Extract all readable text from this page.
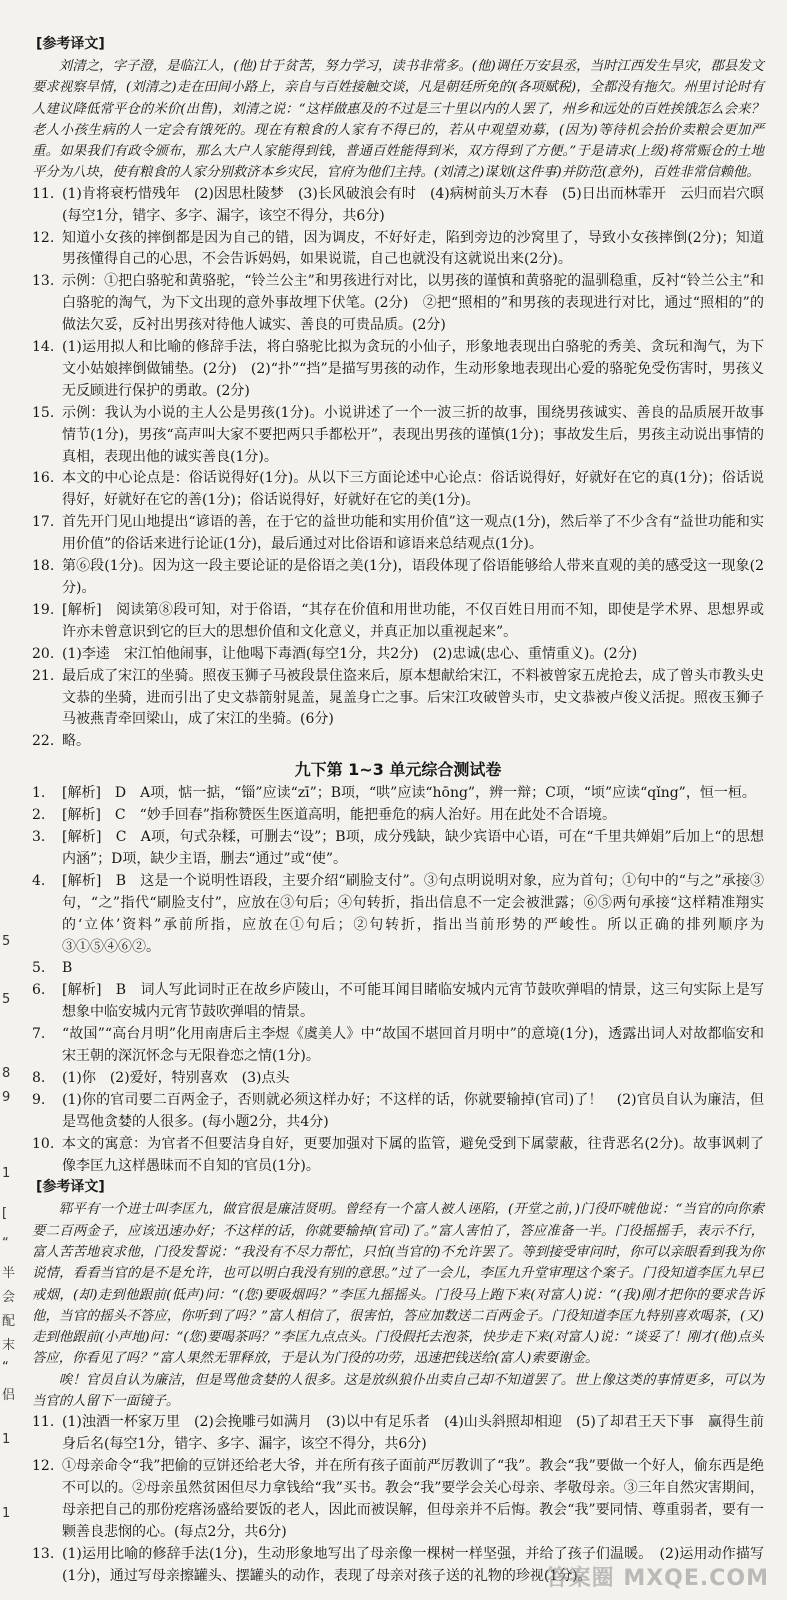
5
5
8
9
1
[
“
半
会
配
末
“
侣
1
1
[参考译文]
刘清之，字子澄，是临江人，(他)甘于贫苦，努力学习，读书非常多。(他)调任万安县丞，当时江西发生旱灾，郡县发文要求视察旱情，(刘清之)走在田间小路上，亲自与百姓接触交谈，凡是朝廷所免的(各项赋税)，全都没有拖欠。州里讨论时有人建议降低常平仓的米价(出售)，刘清之说：“这样做惠及的不过是三十里以内的人罢了，州乡和远处的百姓挨饿怎么会来？老人小孩生病的人一定会有饿死的。现在有粮食的人家有不得已的，若从中观望劝募，(因为)等待机会抬价卖粮会更加严重。如果我们有政令颁布，那么大户人家能得到钱，普通百姓能得到米，双方得到了方便。”于是请求(上级)将常赈仓的土地平分为八块，使有粮食的人家分别救济本乡灾民，官府为他们主持。(刘清之)谋划(这件事)并防范(意外)，百姓非常信赖他。
11. (1)肯将衰朽惜残年　(2)因思杜陵梦　(3)长风破浪会有时　(4)病树前头万木春　(5)日出而林霏开　云归而岩穴暝(每空1分，错字、多字、漏字，该空不得分，共6分)
12. 知道小女孩的摔倒都是因为自己的错，因为调皮，不好好走，陷到旁边的沙窝里了，导致小女孩摔倒(2分)；知道男孩懂得自己的心思，不会告诉妈妈，如果说谎，自己也就没有这就说出来(2分)。
13. 示例：①把白骆驼和黄骆驼，“铃兰公主”和男孩进行对比，以男孩的谨慎和黄骆驼的温驯稳重，反衬“铃兰公主”和白骆驼的淘气，为下文出现的意外事故埋下伏笔。(2分)　②把“照相的”和男孩的表现进行对比，通过“照相的”的做法欠妥，反衬出男孩对待他人诚实、善良的可贵品质。(2分)
14. (1)运用拟人和比喻的修辞手法，将白骆驼比拟为贪玩的小仙子，形象地表现出白骆驼的秀美、贪玩和淘气，为下文小姑娘摔倒做铺垫。(2分)　(2)“扑”“挡”是描写男孩的动作，生动形象地表现出心爱的骆驼免受伤害时，男孩义无反顾进行保护的勇敢。(2分)
15. 示例：我认为小说的主人公是男孩(1分)。小说讲述了一个一波三折的故事，围绕男孩诚实、善良的品质展开故事情节(1分)，男孩“高声叫大家不要把两只手都松开”，表现出男孩的谨慎(1分)；事故发生后，男孩主动说出事情的真相，表现出他的诚实善良(1分)。
16. 本文的中心论点是：俗话说得好(1分)。从以下三方面论述中心论点：俗话说得好，好就好在它的真(1分)；俗话说得好，好就好在它的善(1分)；俗话说得好，好就好在它的美(1分)。
17. 首先开门见山地提出“谚语的善，在于它的益世功能和实用价值”这一观点(1分)，然后举了不少含有“益世功能和实用价值”的俗话来进行论证(1分)，最后通过对比俗语和谚语来总结观点(1分)。
18. 第⑥段(1分)。因为这一段主要论证的是俗语之美(1分)，语段体现了俗语能够给人带来直观的美的感受这一现象(2分)。
19. [解析]　阅读第⑧段可知，对于俗语，“其存在价值和用世功能，不仅百姓日用而不知，即使是学术界、思想界或许亦未曾意识到它的巨大的思想价值和文化意义，并真正加以重视起来”。
20. (1)李逵　宋江怕他闹事，让他喝下毒酒(每空1分，共2分)　(2)忠诚(忠心、重情重义)。(2分)
21. 最后成了宋江的坐骑。照夜玉狮子马被段景住盗来后，原本想献给宋江，不料被曾家五虎抢去，成了曾头市教头史文恭的坐骑，进而引出了史文恭箭射晁盖，晁盖身亡之事。后宋江攻破曾头市，史文恭被卢俊义活捉。照夜玉狮子马被燕青牵回梁山，成了宋江的坐骑。(6分)
22. 略。
九下第 1~3 单元综合测试卷
1.	[解析]　D　A项，惦一掂，“锱”应读“zī”；B项，“哄”应读“hōng”，辨一辩；C项，“顷”应读“qǐng”，恒一桓。
2.	[解析]　C　“妙手回春”指称赞医生医道高明，能把垂危的病人治好。用在此处不合语境。
3.	[解析]　C　A项，句式杂糅，可删去“设”；B项，成分残缺，缺少宾语中心语，可在“千里共婵娟”后加上“的思想内涵”；D项，缺少主语，删去“通过”或“使”。
4.	[解析]　B　这是一个说明性语段，主要介绍“刷脸支付”。③句点明说明对象，应为首句；①句中的“与之”承接③句，“之”指代“刷脸支付”，应放在③句后；④句转折，指出信息不一定会被泄露；⑥⑤两句承接“这样精准翔实的‘立体’资料”承前所指，应放在①句后；②句转折，指出当前形势的严峻性。所以正确的排列顺序为③①⑤④⑥②。
5.	B
6.	[解析]　B　词人写此词时正在故乡庐陵山，不可能耳闻目睹临安城内元宵节鼓吹弹唱的情景，这三句实际上是写想象中临安城内元宵节鼓吹弹唱的情景。
7.	“故国”“高台月明”化用南唐后主李煜《虞美人》中“故国不堪回首月明中”的意境(1分)，透露出词人对故都临安和宋王朝的深沉怀念与无限眷恋之情(1分)。
8.	(1)你　(2)爱好，特别喜欢　(3)点头
9.	(1)你的官司要二百两金子，否则就必须这样办好；不这样的话，你就要输掉(官司)了！　(2)官员自认为廉洁，但是骂他贪婪的人很多。(每小题2分，共4分)
10. 本文的寓意：为官者不但要洁身自好，更要加强对下属的监管，避免受到下属蒙蔽，往背恶名(2分)。故事讽刺了像李匡九这样愚昧而不自知的官员(1分)。
[参考译文]
郓平有一个进士叫李匡九，做官很是廉洁贤明。曾经有一个富人被人诬陷，(开堂之前，)门役吓唬他说：“当官的向你索要二百两金子，应该迅速办好；不这样的话，你就要输掉(官司)了。”富人害怕了，答应准备一半。门役摇摇手，表示不行，富人苦苦地哀求他，门役发誓说：“我没有不尽力帮忙，只怕(当官的)不允许罢了。等到接受审问时，你可以亲眼看到我为你说情，看看当官的是不是允许，也可以明白我没有别的意思。”过了一会儿，李匡九升堂审理这个案子。门役知道李匡九早已戒烟，(却)走到他跟前(低声)问：“(您)要吸烟吗？”李匡九摇摇头。门役马上跑下来(对富人)说：“(我)刚才把你的要求告诉他，当官的摇头不答应，你听到了吗？”富人相信了，很害怕，答应加数送二百两金子。门役知道李匡九特别喜欢喝茶，(又)走到他跟前(小声地)问：“(您)要喝茶吗？”李匡九点点头。门役假托去泡茶，快步走下来(对富人)说：“谈妥了！刚才(他)点头答应，你看见了吗？”富人果然无罪释放，于是认为门役的功劳，迅速把钱送给(富人)索要谢金。
唉！官员自认为廉洁，但是骂他贪婪的人很多。这是放纵狼仆出卖自己却不知道罢了。世上像这类的事情更多，可以为当官的人留下一面镜子。
11. (1)浊酒一杯家万里　(2)会挽雕弓如满月　(3)以中有足乐者　(4)山头斜照却相迎　(5)了却君王天下事　赢得生前身后名(每空1分，错字、多字、漏字，该空不得分，共6分)
12. ①母亲命令“我”把偷的豆饼还给老大爷，并在所有孩子面前严厉教训了“我”。教会“我”要做一个好人，偷东西是绝不可以的。②母亲虽然贫困但尽力拿钱给“我”买书。教会“我”要学会关心母亲、孝敬母亲。③三年自然灾害期间，母亲把自己的那份疙瘩汤盛给要饭的老人，因此而被误解，但母亲并不后悔。教会“我”要同情、尊重弱者，要有一颗善良悲悯的心。(每点2分，共6分)
13. (1)运用比喻的修辞手法(1分)，生动形象地写出了母亲像一棵树一样坚强，并给了孩子们温暖。　(2)运用动作描写(1分)，通过写母亲擦罐头、摆罐头的动作，表现了母亲对孩子送的礼物的珍视(1分)。
答案圈 MXQE.COM
